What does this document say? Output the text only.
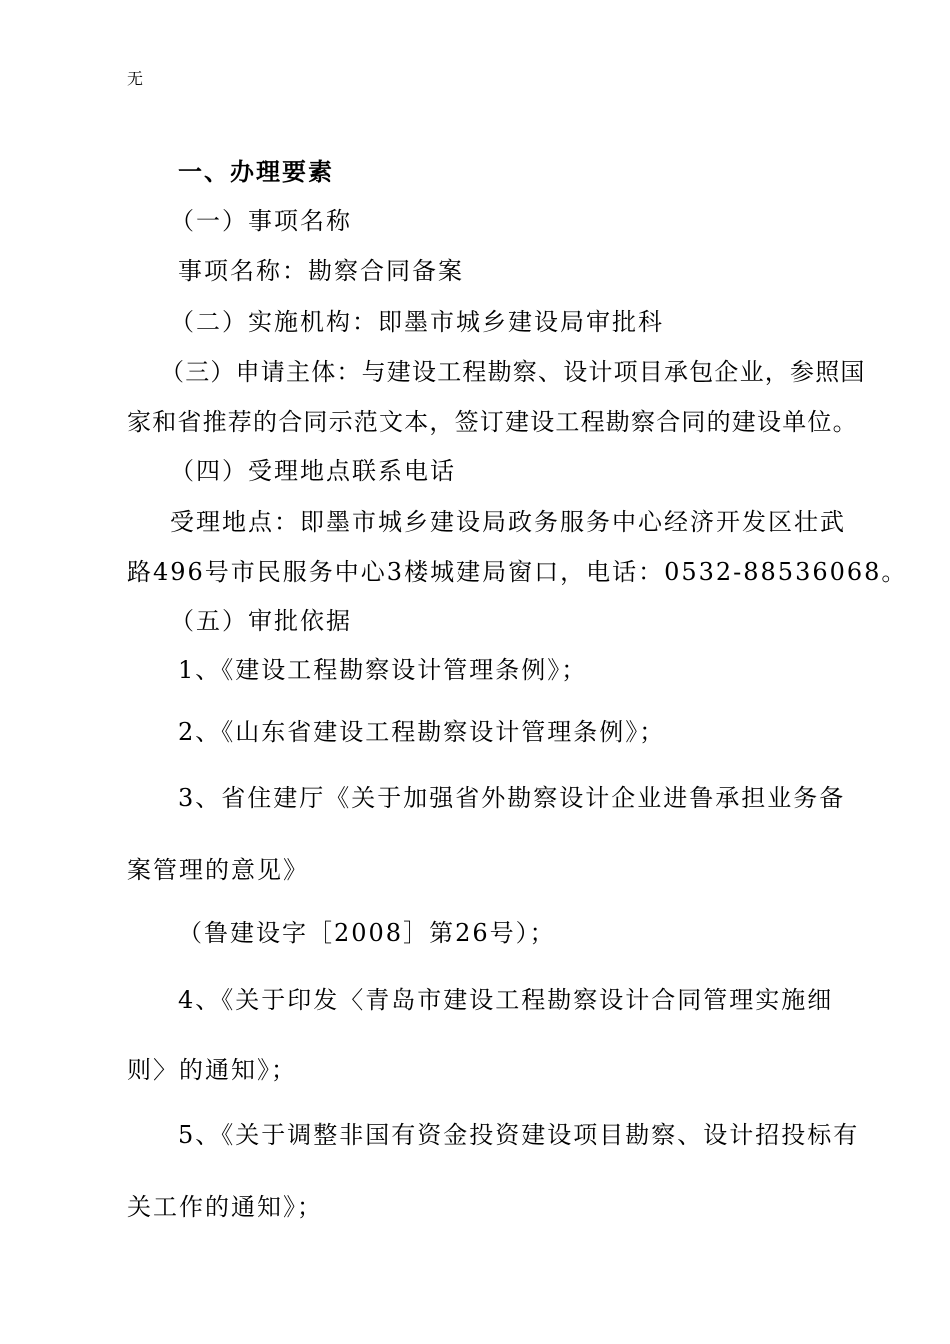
无
一、办理要素
（一）事项名称
事项名称：勘察合同备案
（二）实施机构：即墨市城乡建设局审批科
（三）申请主体：与建设工程勘察、设计项目承包企业，参照国
家和省推荐的合同示范文本，签订建设工程勘察合同的建设单位。
（四）受理地点联系电话
受理地点：即墨市城乡建设局政务服务中心经济开发区壮武
路496号市民服务中心3楼城建局窗口，电话：0532-88536068。
（五）审批依据
1、《建设工程勘察设计管理条例》；
2、《山东省建设工程勘察设计管理条例》；
3、省住建厅《关于加强省外勘察设计企业进鲁承担业务备
案管理的意见》
（鲁建设字［2008］第26号）；
4、《关于印发〈青岛市建设工程勘察设计合同管理实施细
则〉的通知》；
5、《关于调整非国有资金投资建设项目勘察、设计招投标有
关工作的通知》；
